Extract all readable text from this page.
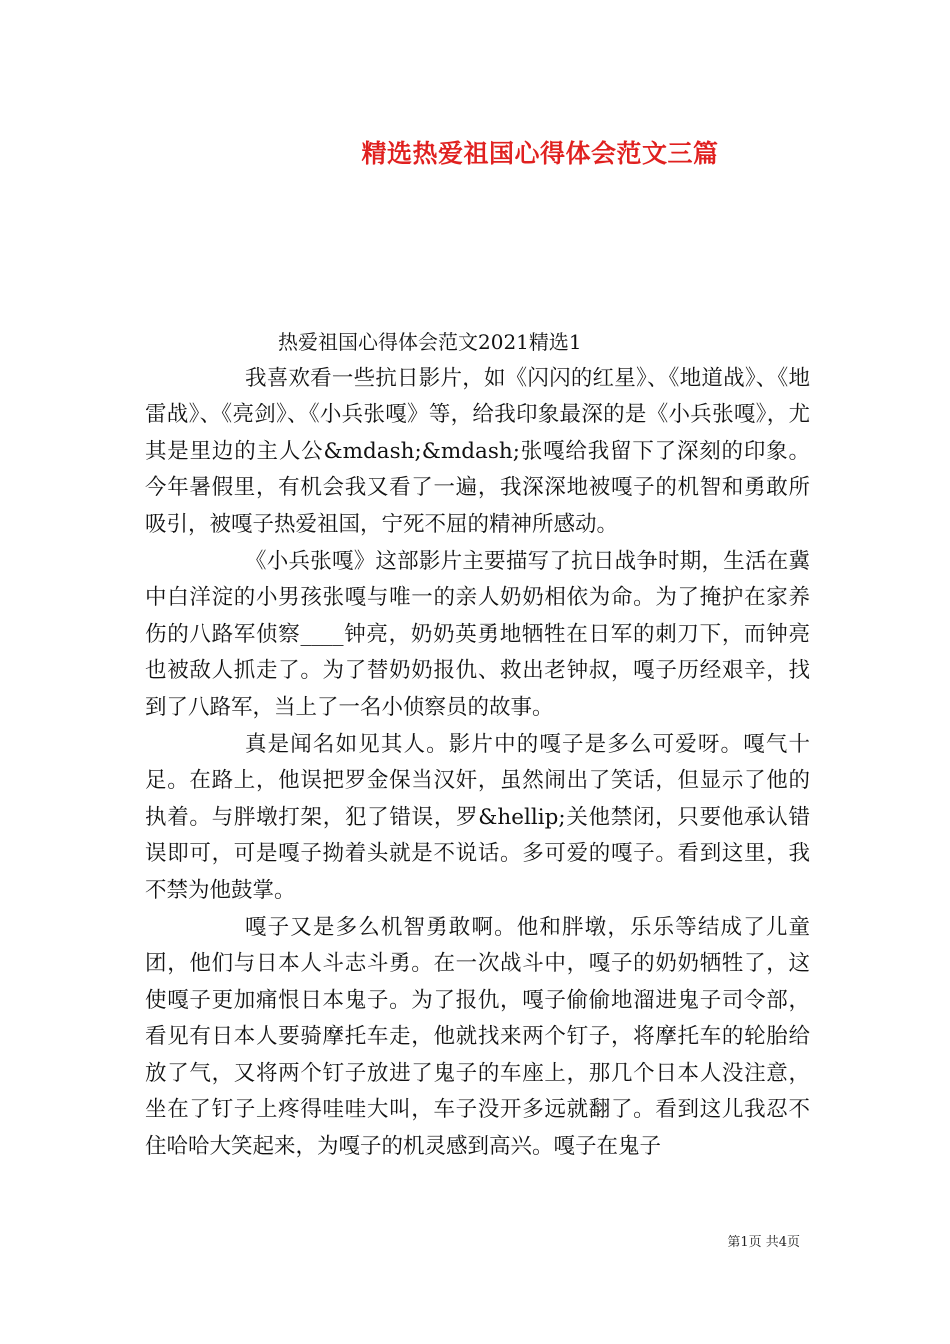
精选热爱祖国心得体会范文三篇

热爱祖国心得体会范文2021精选1

我喜欢看一些抗日影片，如《闪闪的红星》、《地道战》、《地雷战》、《亮剑》、《小兵张嘎》等，给我印象最深的是《小兵张嘎》，尤其是里边的主人公&mdash;&mdash;张嘎给我留下了深刻的印象。今年暑假里，有机会我又看了一遍，我深深地被嘎子的机智和勇敢所吸引，被嘎子热爱祖国，宁死不屈的精神所感动。

《小兵张嘎》这部影片主要描写了抗日战争时期，生活在冀中白洋淀的小男孩张嘎与唯一的亲人奶奶相依为命。为了掩护在家养伤的八路军侦察____钟亮，奶奶英勇地牺牲在日军的刺刀下，而钟亮也被敌人抓走了。为了替奶奶报仇、救出老钟叔，嘎子历经艰辛，找到了八路军，当上了一名小侦察员的故事。

真是闻名如见其人。影片中的嘎子是多么可爱呀。嘎气十足。在路上，他误把罗金保当汉奸，虽然闹出了笑话，但显示了他的执着。与胖墩打架，犯了错误，罗&hellip;关他禁闭，只要他承认错误即可，可是嘎子拗着头就是不说话。多可爱的嘎子。看到这里，我不禁为他鼓掌。

嘎子又是多么机智勇敢啊。他和胖墩，乐乐等结成了儿童团，他们与日本人斗志斗勇。在一次战斗中，嘎子的奶奶牺牲了，这使嘎子更加痛恨日本鬼子。为了报仇，嘎子偷偷地溜进鬼子司令部，看见有日本人要骑摩托车走，他就找来两个钉子，将摩托车的轮胎给放了气，又将两个钉子放进了鬼子的车座上，那几个日本人没注意，坐在了钉子上疼得哇哇大叫，车子没开多远就翻了。看到这儿我忍不住哈哈大笑起来，为嘎子的机灵感到高兴。嘎子在鬼子

第1页 共4页
